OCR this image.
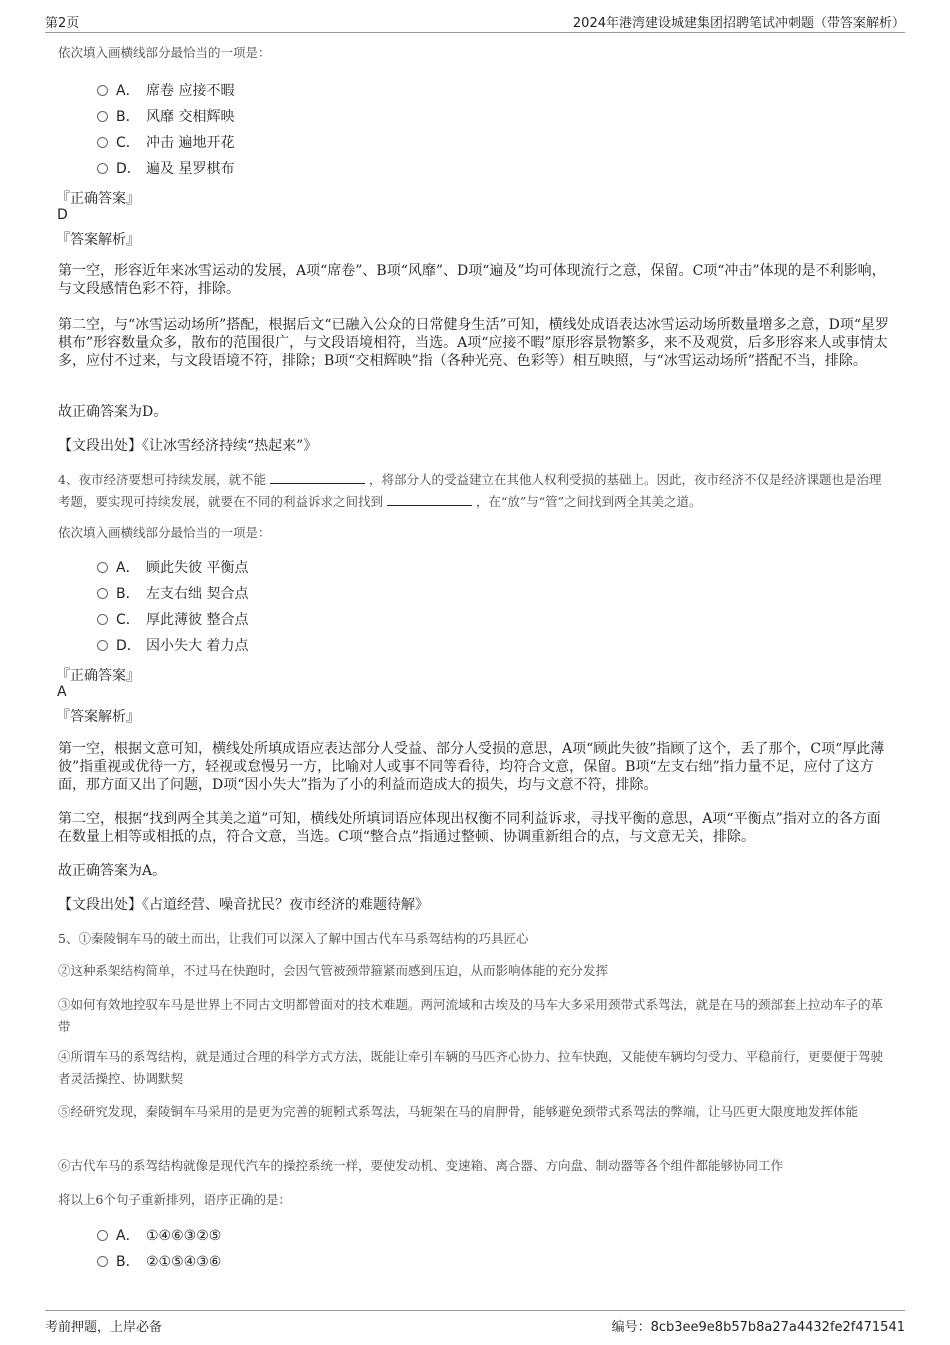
第2页	2024年港湾建设城建集团招聘笔试冲刺题（带答案解析）
依次填入画横线部分最恰当的一项是：
A． 席卷 应接不暇
B． 风靡 交相辉映
C． 冲击 遍地开花
D． 遍及 星罗棋布
『正确答案』
D
『答案解析』
第一空，形容近年来冰雪运动的发展，A项“席卷”、B项“风靡”、D项“遍及”均可体现流行之意，保留。C项“冲击”体现的是不利影响，与文段感情色彩不符，排除。
第二空，与“冰雪运动场所”搭配，根据后文“已融入公众的日常健身生活”可知，横线处成语表达冰雪运动场所数量增多之意，D项“星罗棋布”形容数量众多，散布的范围很广，与文段语境相符，当选。A项“应接不暇”原形容景物繁多，来不及观赏，后多形容来人或事情太多，应付不过来，与文段语境不符，排除；B项“交相辉映”指（各种光亮、色彩等）相互映照，与“冰雪运动场所”搭配不当，排除。
故正确答案为D。
【文段出处】《让冰雪经济持续“热起来”》
4、夜市经济要想可持续发展，就不能	，将部分人的受益建立在其他人权利受损的基础上。因此，夜市经济不仅是经济课题也是治理考题，要实现可持续发展，就要在不同的利益诉求之间找到	，在“放”与“管”之间找到两全其美之道。
依次填入画横线部分最恰当的一项是：
A． 顾此失彼 平衡点
B． 左支右绌 契合点
C． 厚此薄彼 整合点
D． 因小失大 着力点
『正确答案』
A
『答案解析』
第一空，根据文意可知，横线处所填成语应表达部分人受益、部分人受损的意思，A项“顾此失彼”指顾了这个，丢了那个，C项“厚此薄彼”指重视或优待一方，轻视或怠慢另一方，比喻对人或事不同等看待，均符合文意，保留。B项“左支右绌”指力量不足，应付了这方面，那方面又出了问题，D项“因小失大”指为了小的利益而造成大的损失，均与文意不符，排除。
第二空，根据“找到两全其美之道”可知，横线处所填词语应体现出权衡不同利益诉求，寻找平衡的意思，A项“平衡点”指对立的各方面在数量上相等或相抵的点，符合文意，当选。C项“整合点”指通过整顿、协调重新组合的点，与文意无关，排除。
故正确答案为A。
【文段出处】《占道经营、噪音扰民？夜市经济的难题待解》
5、①秦陵铜车马的破土而出，让我们可以深入了解中国古代车马系驾结构的巧具匠心
②这种系架结构简单，不过马在快跑时，会因气管被颈带箍紧而感到压迫，从而影响体能的充分发挥
③如何有效地控驭车马是世界上不同古文明都曾面对的技术难题。两河流域和古埃及的马车大多采用颈带式系驾法，就是在马的颈部套上拉动车子的革带
④所谓车马的系驾结构，就是通过合理的科学方式方法，既能让牵引车辆的马匹齐心协力、拉车快跑，又能使车辆均匀受力、平稳前行，更要便于驾驶者灵活操控、协调默契
⑤经研究发现，秦陵铜车马采用的是更为完善的轭靷式系驾法，马轭架在马的肩胛骨，能够避免颈带式系驾法的弊端，让马匹更大限度地发挥体能
⑥古代车马的系驾结构就像是现代汽车的操控系统一样，要使发动机、变速箱、离合器、方向盘、制动器等各个组件都能够协同工作
将以上6个句子重新排列，语序正确的是：
A． ①④⑥③②⑤
B． ②①⑤④③⑥
考前押题，上岸必备	编号：8cb3ee9e8b57b8a27a4432fe2f471541
